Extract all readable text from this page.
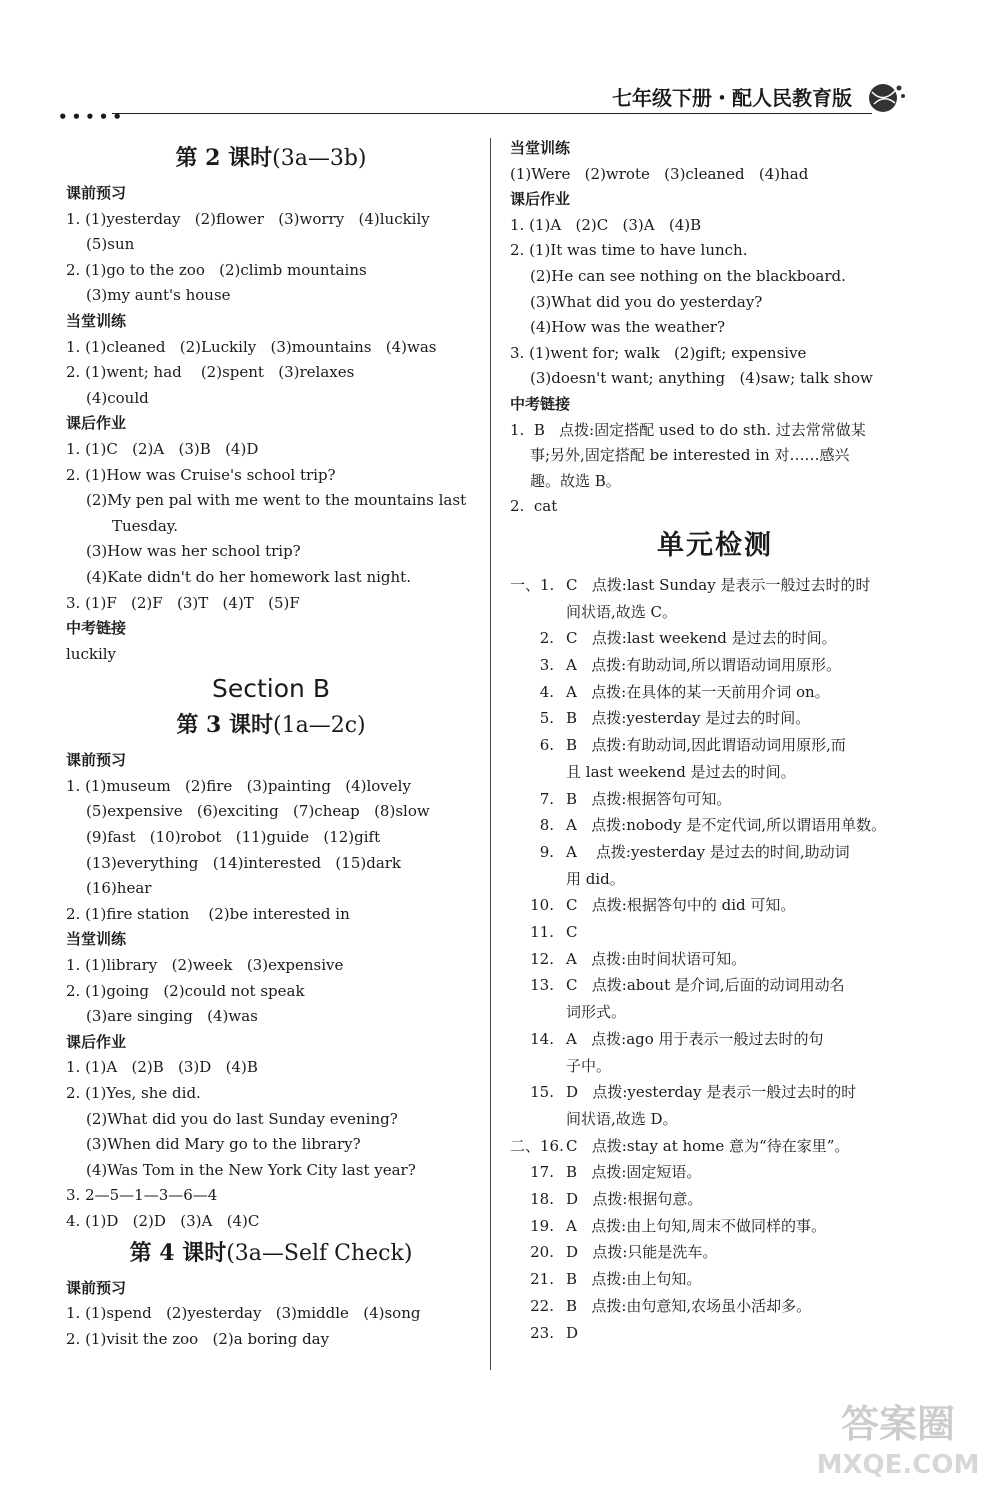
•••••
七年级下册・配人民教育版
第 2 课时(3a—3b)
课前预习
1. (1)yesterday   (2)flower   (3)worry   (4)luckily
(5)sun
2. (1)go to the zoo   (2)climb mountains
(3)my aunt's house
当堂训练
1. (1)cleaned   (2)Luckily   (3)mountains   (4)was
2. (1)went; had    (2)spent   (3)relaxes
(4)could
课后作业
1. (1)C   (2)A   (3)B   (4)D
2. (1)How was Cruise's school trip?
(2)My pen pal with me went to the mountains last
Tuesday.
(3)How was her school trip?
(4)Kate didn't do her homework last night.
3. (1)F   (2)F   (3)T   (4)T   (5)F
中考链接
luckily
Section B
第 3 课时(1a—2c)
课前预习
1. (1)museum   (2)fire   (3)painting   (4)lovely
(5)expensive   (6)exciting   (7)cheap   (8)slow
(9)fast   (10)robot   (11)guide   (12)gift
(13)everything   (14)interested   (15)dark
(16)hear
2. (1)fire station    (2)be interested in
当堂训练
1. (1)library   (2)week   (3)expensive
2. (1)going   (2)could not speak
(3)are singing   (4)was
课后作业
1. (1)A   (2)B   (3)D   (4)B
2. (1)Yes, she did.
(2)What did you do last Sunday evening?
(3)When did Mary go to the library?
(4)Was Tom in the New York City last year?
3. 2—5—1—3—6—4
4. (1)D   (2)D   (3)A   (4)C
第 4 课时(3a—Self Check)
课前预习
1. (1)spend   (2)yesterday   (3)middle   (4)song
2. (1)visit the zoo   (2)a boring day
当堂训练
(1)Were   (2)wrote   (3)cleaned   (4)had
课后作业
1. (1)A   (2)C   (3)A   (4)B
2. (1)It was time to have lunch.
(2)He can see nothing on the blackboard.
(3)What did you do yesterday?
(4)How was the weather?
3. (1)went for; walk   (2)gift; expensive
(3)doesn't want; anything   (4)saw; talk show
中考链接
1.  B   点拨:固定搭配 used to do sth. 过去常常做某
事;另外,固定搭配 be interested in 对……感兴
趣。故选 B。
2.  cat
单元检测
一、1. C   点拨:last Sunday 是表示一般过去时的时
间状语,故选 C。
2. C   点拨:last weekend 是过去的时间。
3. A   点拨:有助动词,所以谓语动词用原形。
4. A   点拨:在具体的某一天前用介词 on。
5. B   点拨:yesterday 是过去的时间。
6. B   点拨:有助动词,因此谓语动词用原形,而
且 last weekend 是过去的时间。
7. B   点拨:根据答句可知。
8. A   点拨:nobody 是不定代词,所以谓语用单数。
9. A    点拨:yesterday 是过去的时间,助动词
用 did。
10. C   点拨:根据答句中的 did 可知。
11. C
12. A   点拨:由时间状语可知。
13. C   点拨:about 是介词,后面的动词用动名
词形式。
14. A   点拨:ago 用于表示一般过去时的句
子中。
15. D   点拨:yesterday 是表示一般过去时的时
间状语,故选 D。
二、16. C   点拨:stay at home 意为“待在家里”。
17. B   点拨:固定短语。
18. D   点拨:根据句意。
19. A   点拨:由上句知,周末不做同样的事。
20. D   点拨:只能是洗车。
21. B   点拨:由上句知。
22. B   点拨:由句意知,农场虽小活却多。
23. D
答案圈
MXQE.COM
